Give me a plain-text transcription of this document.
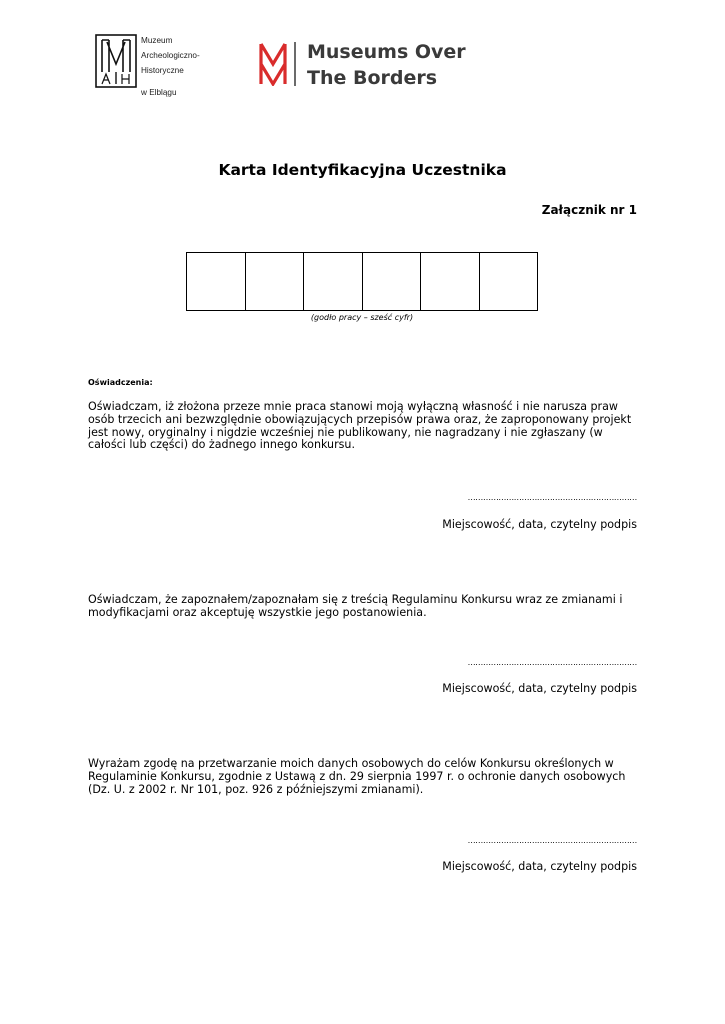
Muzeum
Archeologiczno-
Historyczne
w Elblągu
Museums Over
The Borders
Karta Identyfikacyjna Uczestnika
Załącznik nr 1
(godło pracy – sześć cyfr)
Oświadczenia:
Oświadczam, iż złożona przeze mnie praca stanowi moją wyłączną własność i nie narusza praw osób trzecich ani bezwzględnie obowiązujących przepisów prawa oraz, że zaproponowany projekt jest nowy, oryginalny i nigdzie wcześniej nie publikowany, nie nagradzany i nie zgłaszany (w całości lub części) do żadnego innego konkursu.
…………………………………………………………
Miejscowość, data, czytelny podpis
Oświadczam, że zapoznałem/zapoznałam się z treścią Regulaminu Konkursu wraz ze zmianami i modyfikacjami oraz akceptuję wszystkie jego postanowienia.
…………………………………………………………
Miejscowość, data, czytelny podpis
Wyrażam zgodę na przetwarzanie moich danych osobowych do celów Konkursu określonych w Regulaminie Konkursu, zgodnie z Ustawą z dn. 29 sierpnia 1997 r. o ochronie danych osobowych (Dz. U. z 2002 r. Nr 101, poz. 926 z późniejszymi zmianami).
…………………………………………………………
Miejscowość, data, czytelny podpis
